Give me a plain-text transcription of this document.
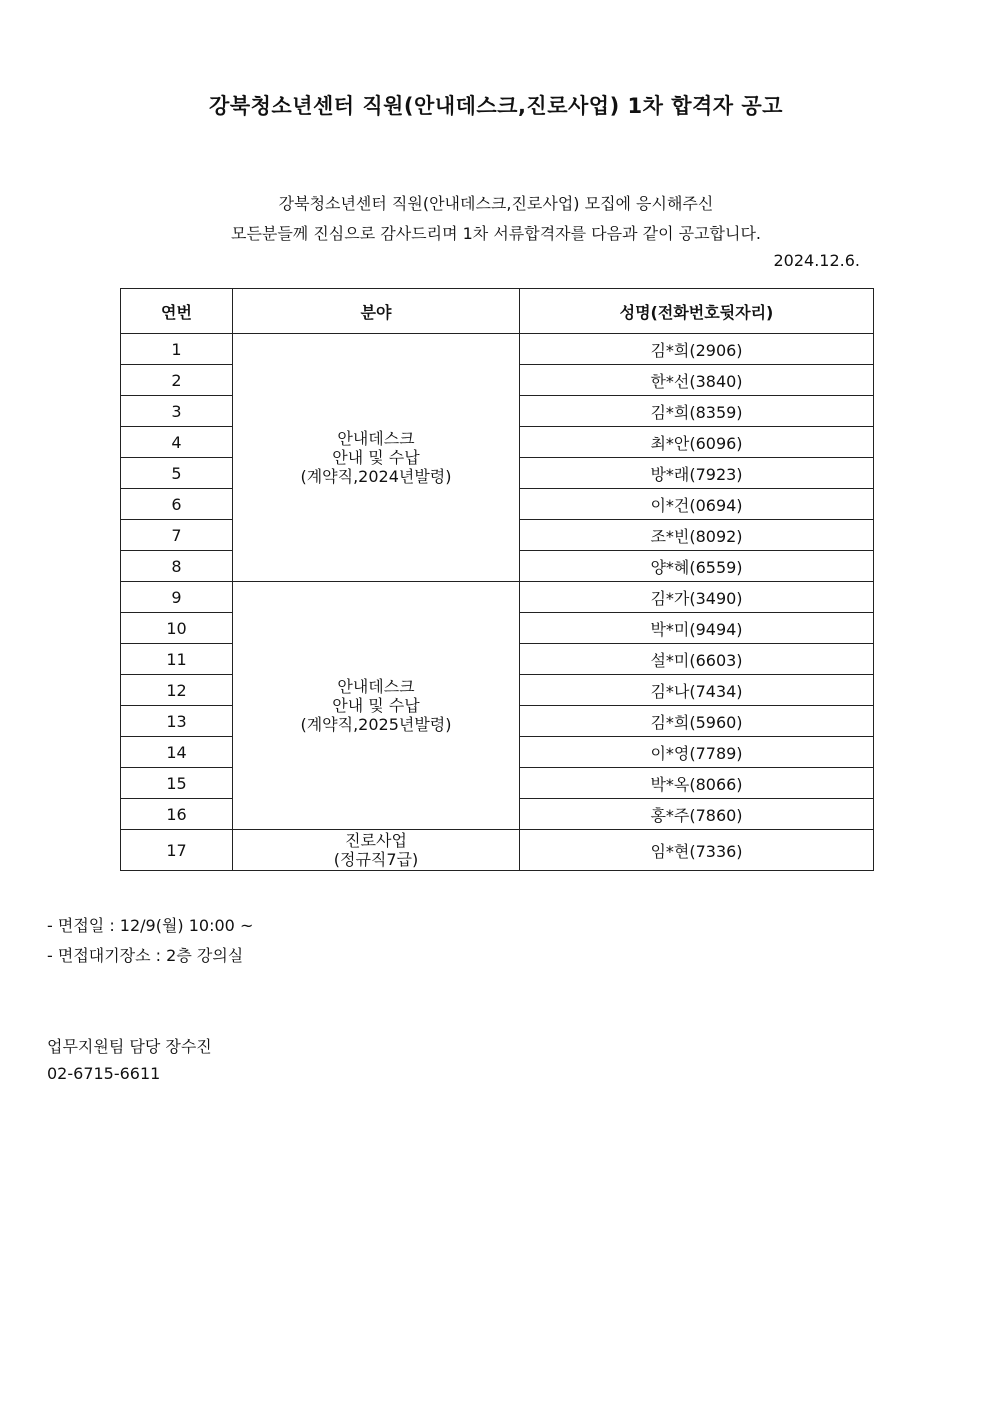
강북청소년센터 직원(안내데스크,진로사업) 1차 합격자 공고
강북청소년센터 직원(안내데스크,진로사업) 모집에 응시해주신
모든분들께 진심으로 감사드리며 1차 서류합격자를 다음과 같이 공고합니다.
2024.12.6.
연번	분야	성명(전화번호뒷자리)
1	안내데스크
안내 및 수납
(계약직,2024년발령)	김*희(2906)
2		한*선(3840)
3		김*희(8359)
4		최*안(6096)
5		방*래(7923)
6		이*건(0694)
7		조*빈(8092)
8		양*혜(6559)
9	안내데스크
안내 및 수납
(계약직,2025년발령)	김*가(3490)
10		박*미(9494)
11		설*미(6603)
12		김*나(7434)
13		김*희(5960)
14		이*영(7789)
15		박*옥(8066)
16		홍*주(7860)
17	진로사업
(정규직7급)	임*현(7336)
- 면접일 : 12/9(월) 10:00 ~
- 면접대기장소 : 2층 강의실
업무지원팀 담당 장수진
02-6715-6611
